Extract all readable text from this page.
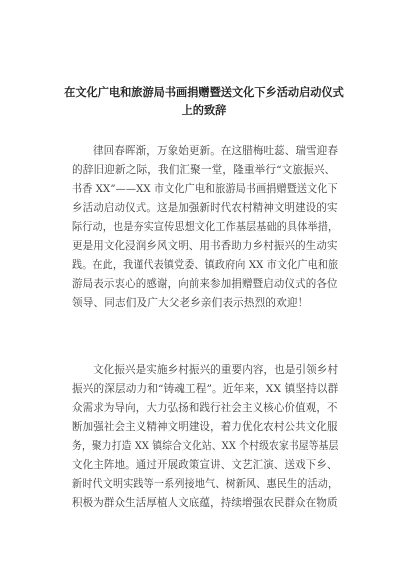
在文化广电和旅游局书画捐赠暨送文化下乡活动启动仪式
上的致辞
律回春晖渐，万象始更新。在这腊梅吐蕊、瑞雪迎春
的辞旧迎新之际，我们汇聚一堂，隆重举行“文旅振兴、
书香 XX”——XX 市文化广电和旅游局书画捐赠暨送文化下
乡活动启动仪式。这是加强新时代农村精神文明建设的实
际行动，也是夯实宣传思想文化工作基层基础的具体举措，
更是用文化浸润乡风文明、用书香助力乡村振兴的生动实
践。在此，我谨代表镇党委、镇政府向 XX 市文化广电和旅
游局表示衷心的感谢，向前来参加捐赠暨启动仪式的各位
领导、同志们及广大父老乡亲们表示热烈的欢迎！
文化振兴是实施乡村振兴的重要内容，也是引领乡村
振兴的深层动力和“铸魂工程”。近年来，XX 镇坚持以群
众需求为导向，大力弘扬和践行社会主义核心价值观，不
断加强社会主义精神文明建设，着力优化农村公共文化服
务，聚力打造 XX 镇综合文化站、XX 个村级农家书屋等基层
文化主阵地。通过开展政策宣讲、文艺汇演、送戏下乡、
新时代文明实践等一系列接地气、树新风、惠民生的活动，
积极为群众生活厚植人文底蕴，持续增强农民群众在物质
